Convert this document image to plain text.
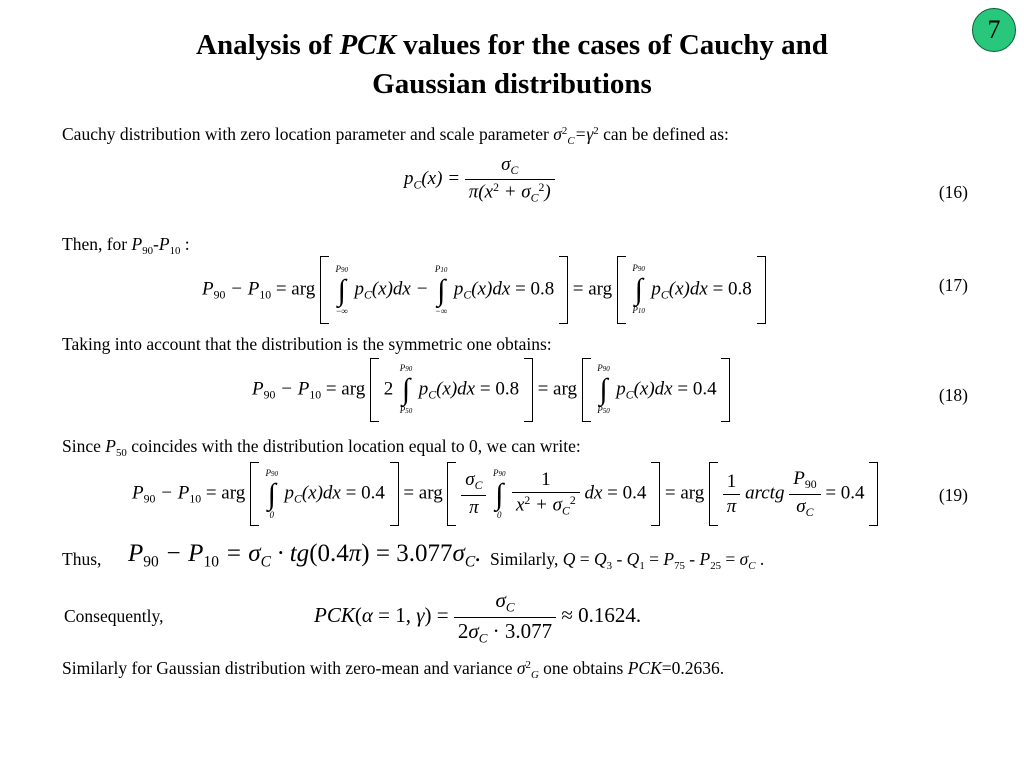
7
Analysis of PCK values for the cases of Cauchy and
Gaussian distributions
Cauchy distribution with zero location parameter and scale parameter $\sigma^2_C=\gamma^2$ can be defined as:
$p_C(x) = \frac{\sigma_C}{\pi(x^2 + \sigma_C^2)}$	(16)
Then, for $P_{90}-P_{10}$ :
$P_{90} - P_{10}$ = arg
P90
∫
−∞
$p_C(x)dx$ −
P10
∫
−∞
$p_C(x)dx = 0.8$ = arg
P90
∫
P10
$p_C(x)dx = 0.8$	(17)
Taking into account that the distribution is the symmetric one obtains:
$P_{90} - P_{10}$ = arg 2
P90
∫
P50
$p_C(x)dx = 0.8$ = arg
P90
∫
P50
$p_C(x)dx = 0.4$	(18)
Since $P_{50}$ coincides with the distribution location equal to 0, we can write:
$P_{90} - P_{10}$ = arg
P90
∫
0
$p_C(x)dx = 0.4$ = arg $\frac{\sigma_C}{\pi}$
P90
∫
0
$\frac{1}{x^2 + \sigma_C^2}$ dx = 0.4 = arg $\frac{1}{\pi}$ arctg $\frac{P_{90}}{\sigma_C} = 0.4$	(19)
Thus, $P_{90} - P_{10} = \sigma_C \cdot tg(0.4\pi) = 3.077\sigma_C$. Similarly, $Q = Q_3 - Q_1 = P_{75} - P_{25} = \sigma_C$ .
Consequently,	PCK(α = 1, $\gamma) = \frac{\sigma_C}{2\sigma_C \cdot 3.077} \approx 0.1624$.
Similarly for Gaussian distribution with zero-mean and variance $\sigma^2_G$ one obtains PCK=0.2636.
